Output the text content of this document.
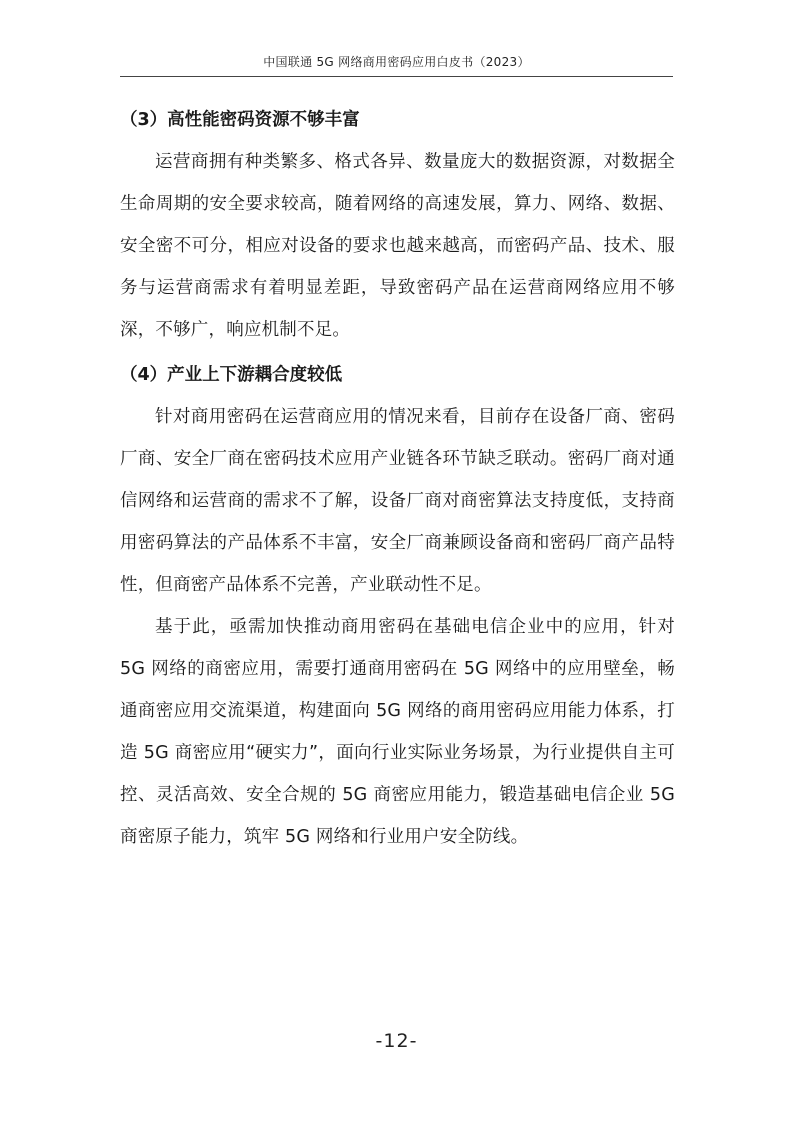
中国联通 5G 网络商用密码应用白皮书（2023）
（3）高性能密码资源不够丰富

运营商拥有种类繁多、格式各异、数量庞大的数据资源，对数据全生命周期的安全要求较高，随着网络的高速发展，算力、网络、数据、安全密不可分，相应对设备的要求也越来越高，而密码产品、技术、服务与运营商需求有着明显差距，导致密码产品在运营商网络应用不够深，不够广，响应机制不足。

（4）产业上下游耦合度较低

针对商用密码在运营商应用的情况来看，目前存在设备厂商、密码厂商、安全厂商在密码技术应用产业链各环节缺乏联动。密码厂商对通信网络和运营商的需求不了解，设备厂商对商密算法支持度低，支持商用密码算法的产品体系不丰富，安全厂商兼顾设备商和密码厂商产品特性，但商密产品体系不完善，产业联动性不足。

基于此，亟需加快推动商用密码在基础电信企业中的应用，针对 5G 网络的商密应用，需要打通商用密码在 5G 网络中的应用壁垒，畅通商密应用交流渠道，构建面向 5G 网络的商用密码应用能力体系，打造 5G 商密应用“硬实力”，面向行业实际业务场景，为行业提供自主可控、灵活高效、安全合规的 5G 商密应用能力，锻造基础电信企业 5G 商密原子能力，筑牢 5G 网络和行业用户安全防线。

-12-
